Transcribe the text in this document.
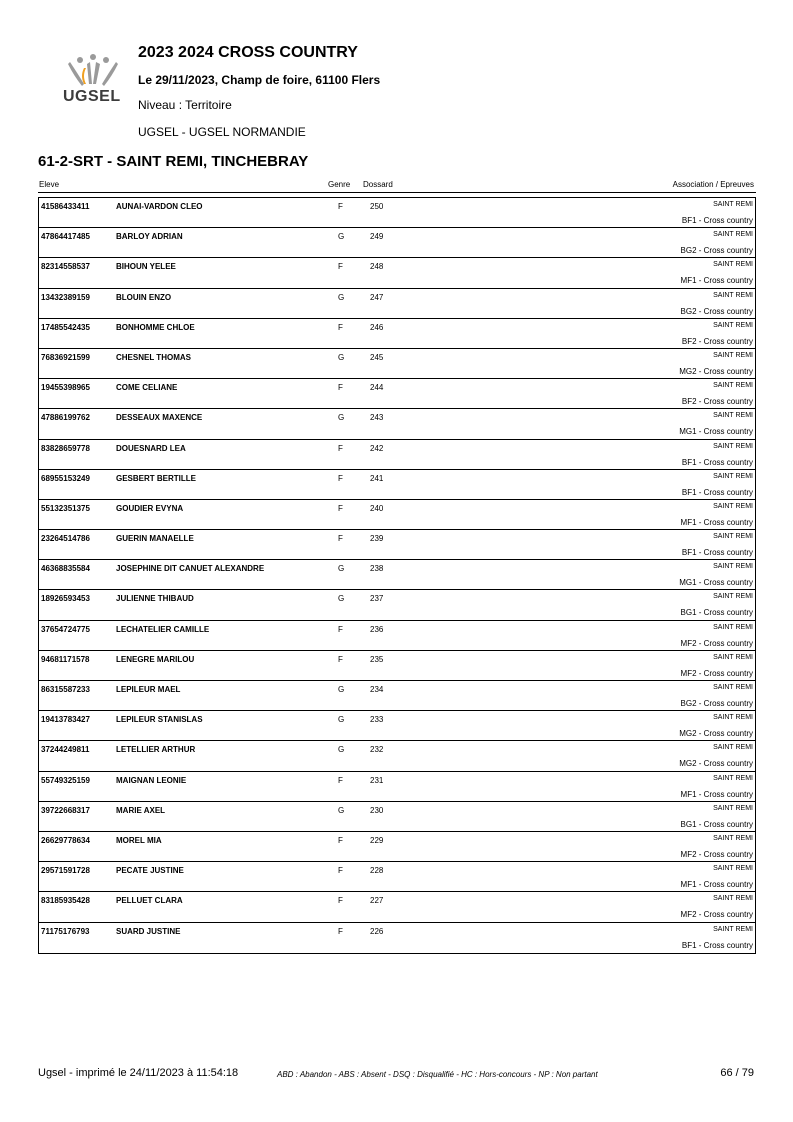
UGSEL
2023 2024 CROSS COUNTRY
Le 29/11/2023, Champ de foire, 61100 Flers
Niveau : Territoire
UGSEL - UGSEL NORMANDIE
61-2-SRT - SAINT REMI, TINCHEBRAY
Eleve	Genre Dossard	Association / Epreuves
41586433411	AUNAI-VARDON CLEO	F	250	SAINT REMI
BF1 - Cross country
47864417485	BARLOY ADRIAN	G	249	SAINT REMI
BG2 - Cross country
82314558537	BIHOUN YELEE	F	248	SAINT REMI
MF1 - Cross country
13432389159	BLOUIN ENZO	G	247	SAINT REMI
BG2 - Cross country
17485542435	BONHOMME CHLOE	F	246	SAINT REMI
BF2 - Cross country
76836921599	CHESNEL THOMAS	G	245	SAINT REMI
MG2 - Cross country
19455398965	COME CELIANE	F	244	SAINT REMI
BF2 - Cross country
47886199762	DESSEAUX MAXENCE	G	243	SAINT REMI
MG1 - Cross country
83828659778	DOUESNARD LEA	F	242	SAINT REMI
BF1 - Cross country
68955153249	GESBERT BERTILLE	F	241	SAINT REMI
BF1 - Cross country
55132351375	GOUDIER EVYNA	F	240	SAINT REMI
MF1 - Cross country
23264514786	GUERIN MANAELLE	F	239	SAINT REMI
BF1 - Cross country
46368835584	JOSEPHINE DIT CANUET ALEXANDRE	G	238	SAINT REMI
MG1 - Cross country
18926593453	JULIENNE THIBAUD	G	237	SAINT REMI
BG1 - Cross country
37654724775	LECHATELIER CAMILLE	F	236	SAINT REMI
MF2 - Cross country
94681171578	LENEGRE MARILOU	F	235	SAINT REMI
MF2 - Cross country
86315587233	LEPILEUR MAEL	G	234	SAINT REMI
BG2 - Cross country
19413783427	LEPILEUR STANISLAS	G	233	SAINT REMI
MG2 - Cross country
37244249811	LETELLIER ARTHUR	G	232	SAINT REMI
MG2 - Cross country
55749325159	MAIGNAN LEONIE	F	231	SAINT REMI
MF1 - Cross country
39722668317	MARIE AXEL	G	230	SAINT REMI
BG1 - Cross country
26629778634	MOREL MIA	F	229	SAINT REMI
MF2 - Cross country
29571591728	PECATE JUSTINE	F	228	SAINT REMI
MF1 - Cross country
83185935428	PELLUET CLARA	F	227	SAINT REMI
MF2 - Cross country
71175176793	SUARD JUSTINE	F	226	SAINT REMI
BF1 - Cross country
Ugsel - imprimé le 24/11/2023 à 11:54:18	ABD : Abandon - ABS : Absent - DSQ : Disqualifié - HC : Hors-concours - NP : Non partant	66 / 79
